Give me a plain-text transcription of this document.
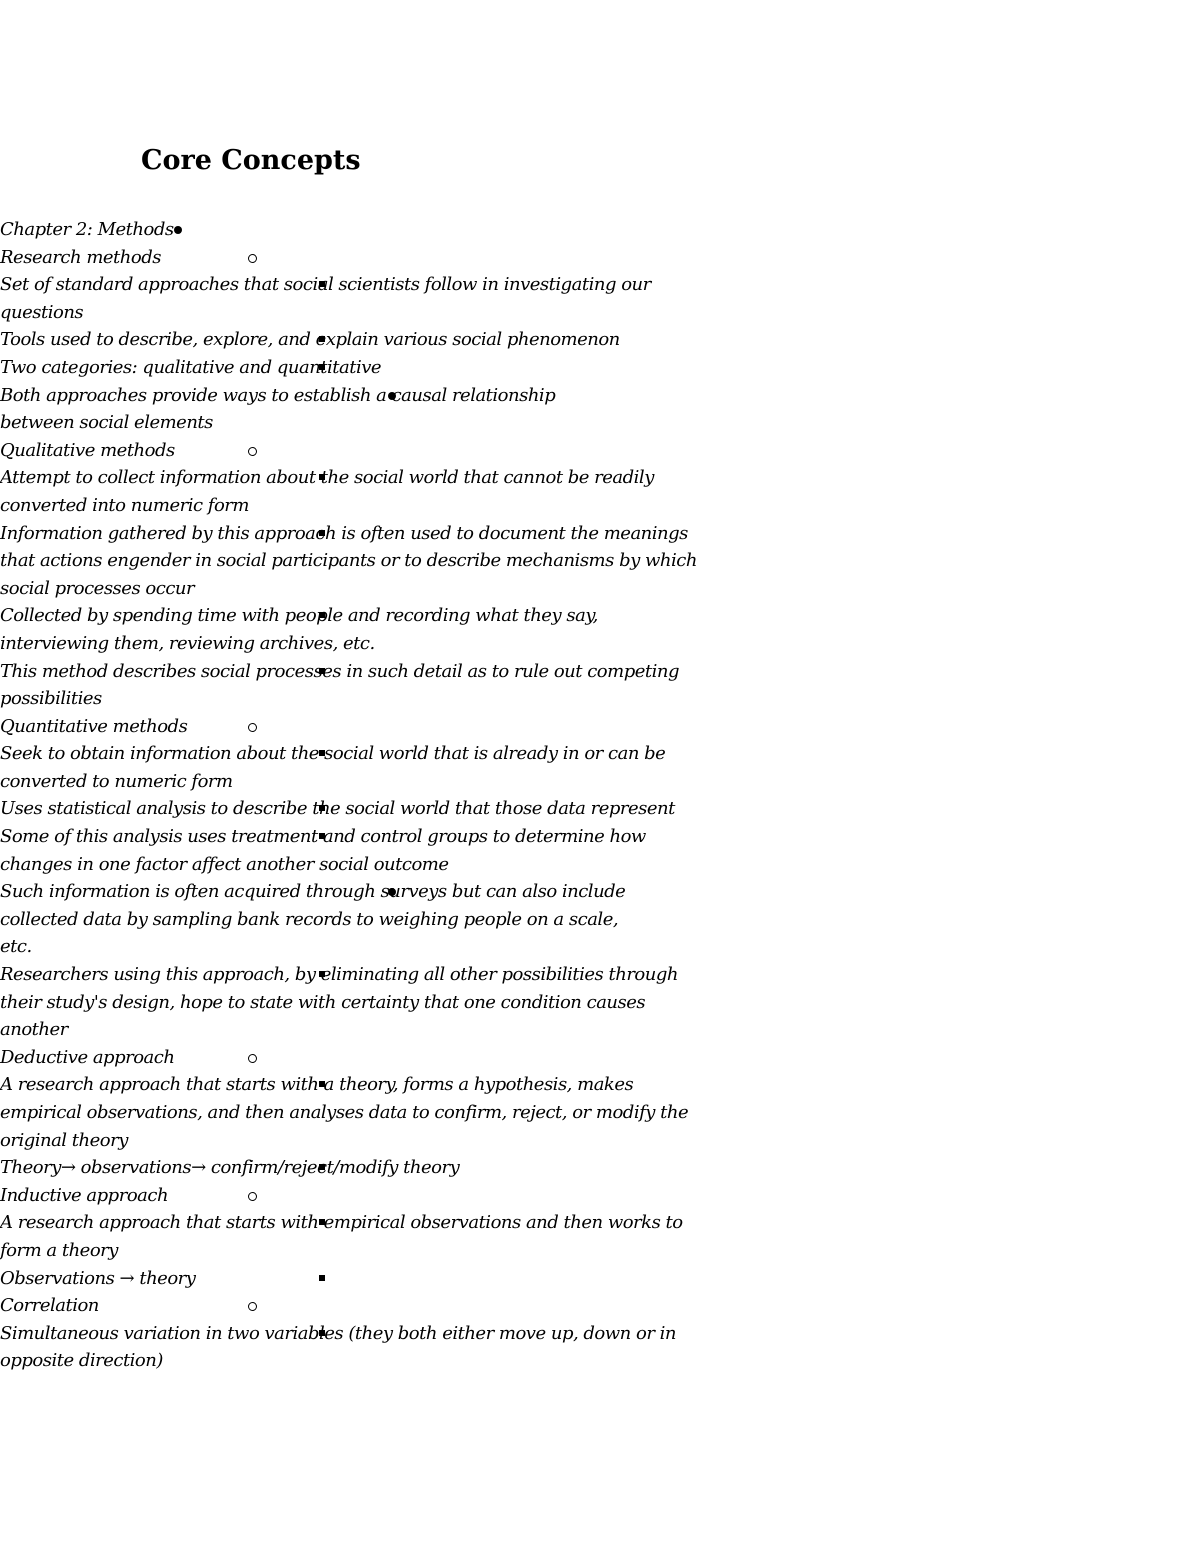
Core Concepts
Chapter 2: Methods
Research methods
Set of standard approaches that social scientists follow in investigating our questions
Tools used to describe, explore, and explain various social phenomenon
Two categories: qualitative and quantitative
Both approaches provide ways to establish a causal relationship between social elements
Qualitative methods
Attempt to collect information about the social world that cannot be readily converted into numeric form
Information gathered by this approach is often used to document the meanings that actions engender in social participants or to describe mechanisms by which social processes occur
Collected by spending time with people and recording what they say, interviewing them, reviewing archives, etc.
This method describes social processes in such detail as to rule out competing possibilities
Quantitative methods
Seek to obtain information about the social world that is already in or can be converted to numeric form
Uses statistical analysis to describe the social world that those data represent
Some of this analysis uses treatment and control groups to determine how changes in one factor affect another social outcome
Such information is often acquired through surveys but can also include collected data by sampling bank records to weighing people on a scale, etc.
Researchers using this approach, by eliminating all other possibilities through their study's design, hope to state with certainty that one condition causes another
Deductive approach
A research approach that starts with a theory, forms a hypothesis, makes empirical observations, and then analyses data to confirm, reject, or modify the original theory
Theory→ observations→ confirm/reject/modify theory
Inductive approach
A research approach that starts with empirical observations and then works to form a theory
Observations → theory
Correlation
Simultaneous variation in two variables (they both either move up, down or in opposite direction)
